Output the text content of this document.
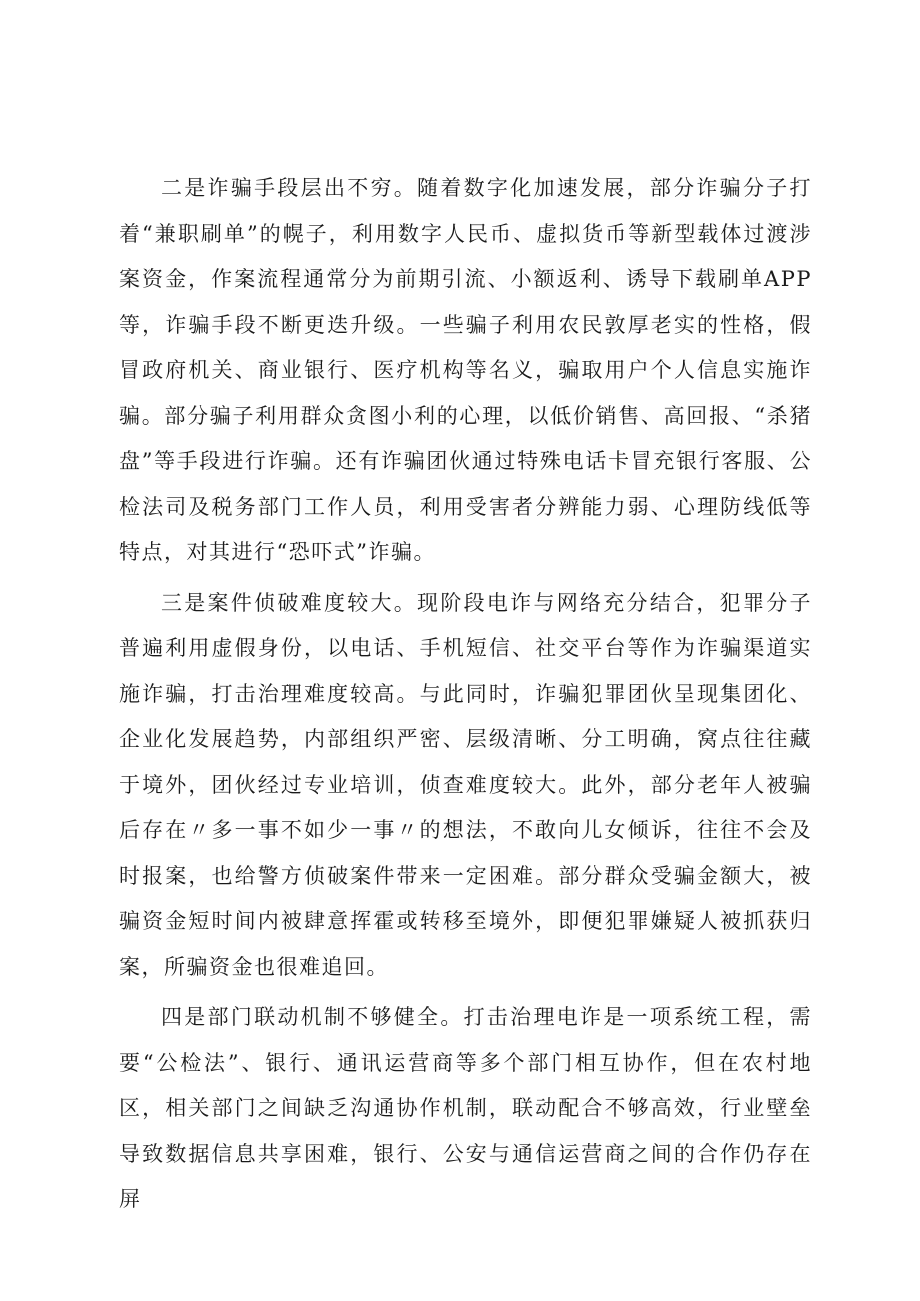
二是诈骗手段层出不穷。随着数字化加速发展，部分诈骗分子打着“兼职刷单”的幌子，利用数字人民币、虚拟货币等新型载体过渡涉案资金，作案流程通常分为前期引流、小额返利、诱导下载刷单APP等，诈骗手段不断更迭升级。一些骗子利用农民敦厚老实的性格，假冒政府机关、商业银行、医疗机构等名义，骗取用户个人信息实施诈骗。部分骗子利用群众贪图小利的心理，以低价销售、高回报、“杀猪盘”等手段进行诈骗。还有诈骗团伙通过特殊电话卡冒充银行客服、公检法司及税务部门工作人员，利用受害者分辨能力弱、心理防线低等特点，对其进行“恐吓式”诈骗。

三是案件侦破难度较大。现阶段电诈与网络充分结合，犯罪分子普遍利用虚假身份，以电话、手机短信、社交平台等作为诈骗渠道实施诈骗，打击治理难度较高。与此同时，诈骗犯罪团伙呈现集团化、企业化发展趋势，内部组织严密、层级清晰、分工明确，窝点往往藏于境外，团伙经过专业培训，侦查难度较大。此外，部分老年人被骗后存在〃多一事不如少一事〃的想法，不敢向儿女倾诉，往往不会及时报案，也给警方侦破案件带来一定困难。部分群众受骗金额大，被骗资金短时间内被肆意挥霍或转移至境外，即便犯罪嫌疑人被抓获归案，所骗资金也很难追回。

四是部门联动机制不够健全。打击治理电诈是一项系统工程，需要“公检法”、银行、通讯运营商等多个部门相互协作，但在农村地区，相关部门之间缺乏沟通协作机制，联动配合不够高效，行业壁垒导致数据信息共享困难，银行、公安与通信运营商之间的合作仍存在屏
